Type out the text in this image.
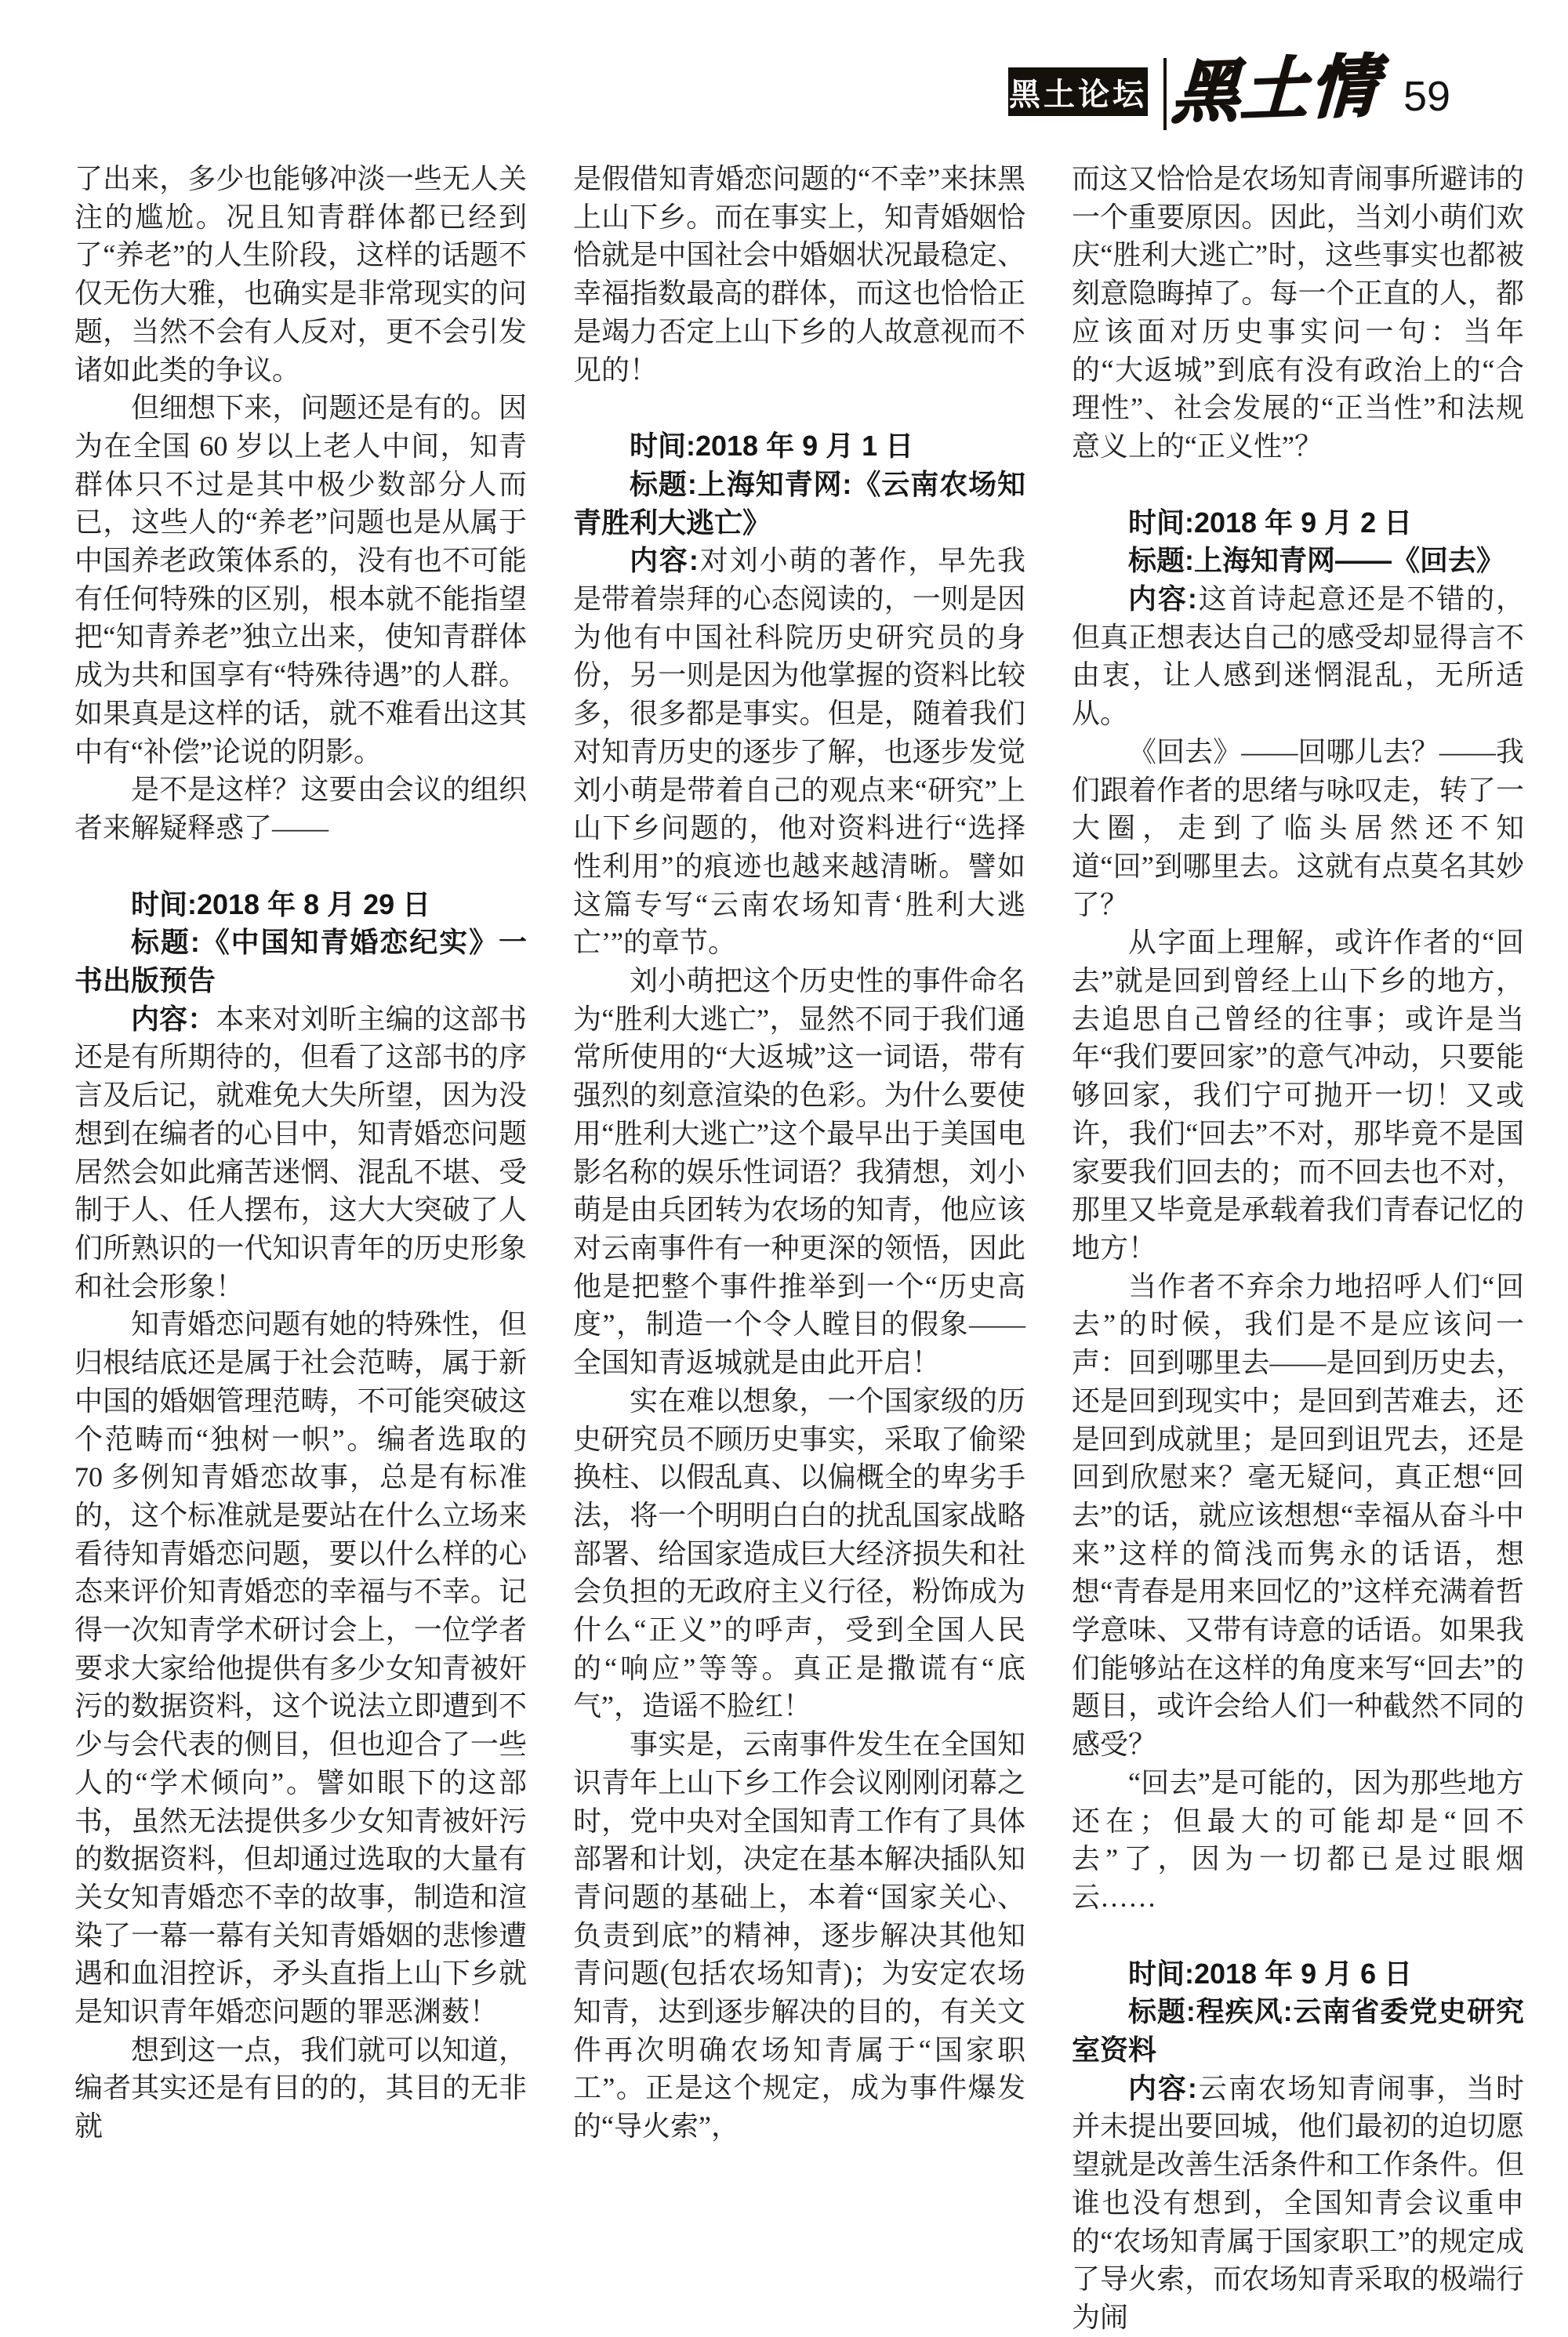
黑土论坛 黑土情 59
了出来，多少也能够冲淡一些无人关注的尴尬。况且知青群体都已经到了“养老”的人生阶段，这样的话题不仅无伤大雅，也确实是非常现实的问题，当然不会有人反对，更不会引发诸如此类的争议。
但细想下来，问题还是有的。因为在全国 60 岁以上老人中间，知青群体只不过是其中极少数部分人而已，这些人的“养老”问题也是从属于中国养老政策体系的，没有也不可能有任何特殊的区别，根本就不能指望把“知青养老”独立出来，使知青群体成为共和国享有“特殊待遇”的人群。如果真是这样的话，就不难看出这其中有“补偿”论说的阴影。
是不是这样？这要由会议的组织者来解疑释惑了——
时间:2018 年 8 月 29 日
标题:《中国知青婚恋纪实》一书出版预告
内容：本来对刘昕主编的这部书还是有所期待的，但看了这部书的序言及后记，就难免大失所望，因为没想到在编者的心目中，知青婚恋问题居然会如此痛苦迷惘、混乱不堪、受制于人、任人摆布，这大大突破了人们所熟识的一代知识青年的历史形象和社会形象！
知青婚恋问题有她的特殊性，但归根结底还是属于社会范畴，属于新中国的婚姻管理范畴，不可能突破这个范畴而“独树一帜”。编者选取的 70 多例知青婚恋故事，总是有标准的，这个标准就是要站在什么立场来看待知青婚恋问题，要以什么样的心态来评价知青婚恋的幸福与不幸。记得一次知青学术研讨会上，一位学者要求大家给他提供有多少女知青被奸污的数据资料，这个说法立即遭到不少与会代表的侧目，但也迎合了一些人的“学术倾向”。譬如眼下的这部书，虽然无法提供多少女知青被奸污的数据资料，但却通过选取的大量有关女知青婚恋不幸的故事，制造和渲染了一幕一幕有关知青婚姻的悲惨遭遇和血泪控诉，矛头直指上山下乡就是知识青年婚恋问题的罪恶渊薮！
想到这一点，我们就可以知道，编者其实还是有目的的，其目的无非就
是假借知青婚恋问题的“不幸”来抹黑上山下乡。而在事实上，知青婚姻恰恰就是中国社会中婚姻状况最稳定、幸福指数最高的群体，而这也恰恰正是竭力否定上山下乡的人故意视而不见的！
时间:2018 年 9 月 1 日
标题:上海知青网:《云南农场知青胜利大逃亡》
内容:对刘小萌的著作，早先我是带着崇拜的心态阅读的，一则是因为他有中国社科院历史研究员的身份，另一则是因为他掌握的资料比较多，很多都是事实。但是，随着我们对知青历史的逐步了解，也逐步发觉刘小萌是带着自己的观点来“研究”上山下乡问题的，他对资料进行“选择性利用”的痕迹也越来越清晰。譬如这篇专写“云南农场知青‘胜利大逃亡’”的章节。
刘小萌把这个历史性的事件命名为“胜利大逃亡”，显然不同于我们通常所使用的“大返城”这一词语，带有强烈的刻意渲染的色彩。为什么要使用“胜利大逃亡”这个最早出于美国电影名称的娱乐性词语？我猜想，刘小萌是由兵团转为农场的知青，他应该对云南事件有一种更深的领悟，因此他是把整个事件推举到一个“历史高度”，制造一个令人瞠目的假象——全国知青返城就是由此开启！
实在难以想象，一个国家级的历史研究员不顾历史事实，采取了偷梁换柱、以假乱真、以偏概全的卑劣手法，将一个明明白白的扰乱国家战略部署、给国家造成巨大经济损失和社会负担的无政府主义行径，粉饰成为什么“正义”的呼声，受到全国人民的“响应”等等。真正是撒谎有“底气”，造谣不脸红！
事实是，云南事件发生在全国知识青年上山下乡工作会议刚刚闭幕之时，党中央对全国知青工作有了具体部署和计划，决定在基本解决插队知青问题的基础上，本着“国家关心、负责到底”的精神，逐步解决其他知青问题(包括农场知青)；为安定农场知青，达到逐步解决的目的，有关文件再次明确农场知青属于“国家职工”。正是这个规定，成为事件爆发的“导火索”，
而这又恰恰是农场知青闹事所避讳的一个重要原因。因此，当刘小萌们欢庆“胜利大逃亡”时，这些事实也都被刻意隐晦掉了。每一个正直的人，都应该面对历史事实问一句：当年的“大返城”到底有没有政治上的“合理性”、社会发展的“正当性”和法规意义上的“正义性”？
时间:2018 年 9 月 2 日
标题:上海知青网——《回去》
内容:这首诗起意还是不错的，但真正想表达自己的感受却显得言不由衷，让人感到迷惘混乱，无所适从。
《回去》——回哪儿去？——我们跟着作者的思绪与咏叹走，转了一大圈，走到了临头居然还不知道“回”到哪里去。这就有点莫名其妙了？
从字面上理解，或许作者的“回去”就是回到曾经上山下乡的地方，去追思自己曾经的往事；或许是当年“我们要回家”的意气冲动，只要能够回家，我们宁可抛开一切！又或许，我们“回去”不对，那毕竟不是国家要我们回去的；而不回去也不对，那里又毕竟是承载着我们青春记忆的地方！
当作者不弃余力地招呼人们“回去”的时候，我们是不是应该问一声：回到哪里去——是回到历史去，还是回到现实中；是回到苦难去，还是回到成就里；是回到诅咒去，还是回到欣慰来？毫无疑问，真正想“回去”的话，就应该想想“幸福从奋斗中来”这样的简浅而隽永的话语，想想“青春是用来回忆的”这样充满着哲学意味、又带有诗意的话语。如果我们能够站在这样的角度来写“回去”的题目，或许会给人们一种截然不同的感受？
“回去”是可能的，因为那些地方还在；但最大的可能却是“回不去”了，因为一切都已是过眼烟云……
时间:2018 年 9 月 6 日
标题:程疾风:云南省委党史研究室资料
内容:云南农场知青闹事，当时并未提出要回城，他们最初的迫切愿望就是改善生活条件和工作条件。但谁也没有想到，全国知青会议重申的“农场知青属于国家职工”的规定成了导火索，而农场知青采取的极端行为闹
